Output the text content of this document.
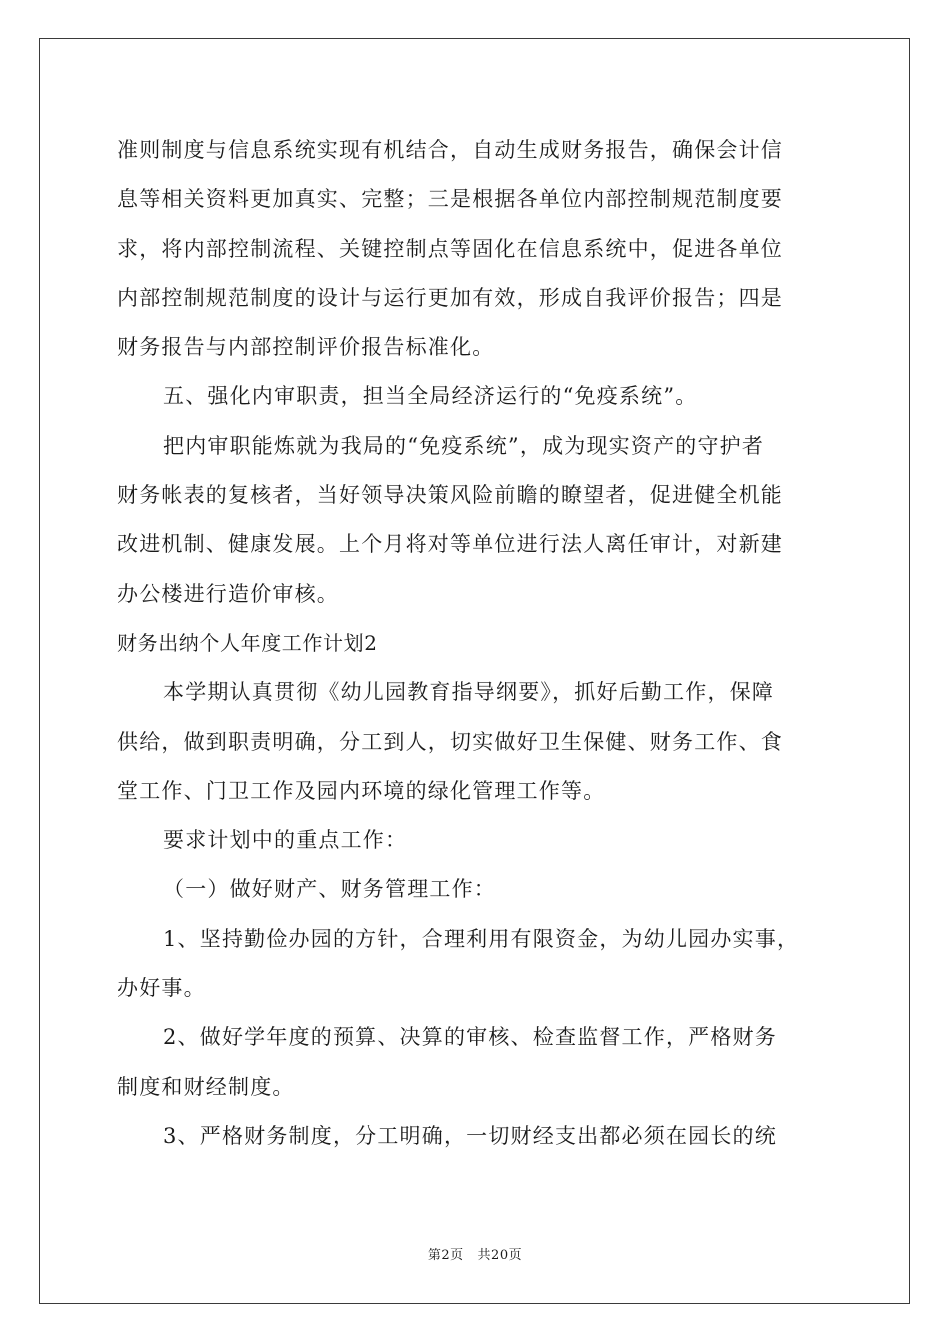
准则制度与信息系统实现有机结合，自动生成财务报告，确保会计信
息等相关资料更加真实、完整；三是根据各单位内部控制规范制度要
求，将内部控制流程、关键控制点等固化在信息系统中，促进各单位
内部控制规范制度的设计与运行更加有效，形成自我评价报告；四是
财务报告与内部控制评价报告标准化。
五、强化内审职责，担当全局经济运行的“免疫系统”。
把内审职能炼就为我局的“免疫系统”，成为现实资产的守护者
财务帐表的复核者，当好领导决策风险前瞻的瞭望者，促进健全机能
改进机制、健康发展。上个月将对等单位进行法人离任审计，对新建
办公楼进行造价审核。
财务出纳个人年度工作计划2
本学期认真贯彻《幼儿园教育指导纲要》，抓好后勤工作，保障
供给，做到职责明确，分工到人，切实做好卫生保健、财务工作、食
堂工作、门卫工作及园内环境的绿化管理工作等。
要求计划中的重点工作：
（一）做好财产、财务管理工作：
1、坚持勤俭办园的方针，合理利用有限资金，为幼儿园办实事，
办好事。
2、做好学年度的预算、决算的审核、检查监督工作，严格财务
制度和财经制度。
3、严格财务制度，分工明确，一切财经支出都必须在园长的统
第2页   共20页
